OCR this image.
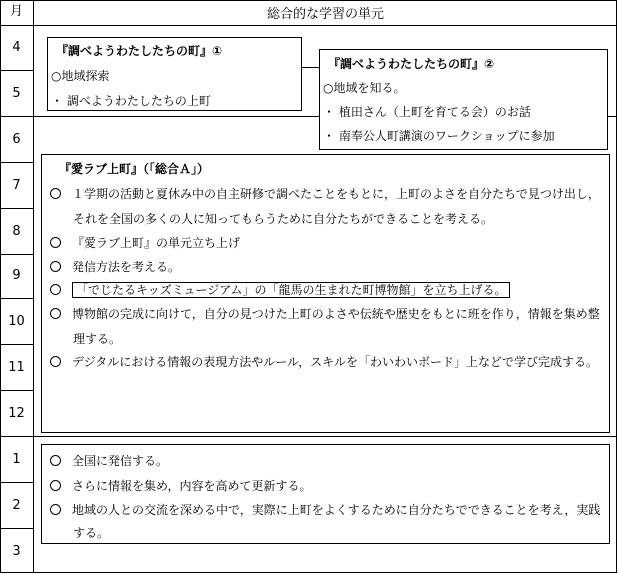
月	総合的な学習の単元
4
5
6
7
8
9
10
11
12
1
2
3
『調べようわたしたちの町』①
○地域探索
・ 調べようわたしたちの上町
『調べようわたしたちの町』②
○地域を知る。
・ 植田さん（上町を育てる会）のお話
・ 南奉公人町講演のワークショップに参加
『愛ラブ上町』（「総合Ａ」）
１学期の活動と夏休み中の自主研修で調べたことをもとに，上町のよさを自分たちで見つけ出し，
それを全国の多くの人に知ってもらうために自分たちができることを考える。
『愛ラブ上町』の単元立ち上げ
発信方法を考える。
「でじたるキッズミュージアム」の「龍馬の生まれた町博物館」を立ち上げる。
博物館の完成に向けて，自分の見つけた上町のよさや伝統や歴史をもとに班を作り，情報を集め整
理する。
デジタルにおける情報の表現方法やルール，スキルを「わいわいボード」上などで学び完成する。
全国に発信する。
さらに情報を集め，内容を高めて更新する。
地域の人との交流を深める中で，実際に上町をよくするために自分たちでできることを考え，実践
する。
